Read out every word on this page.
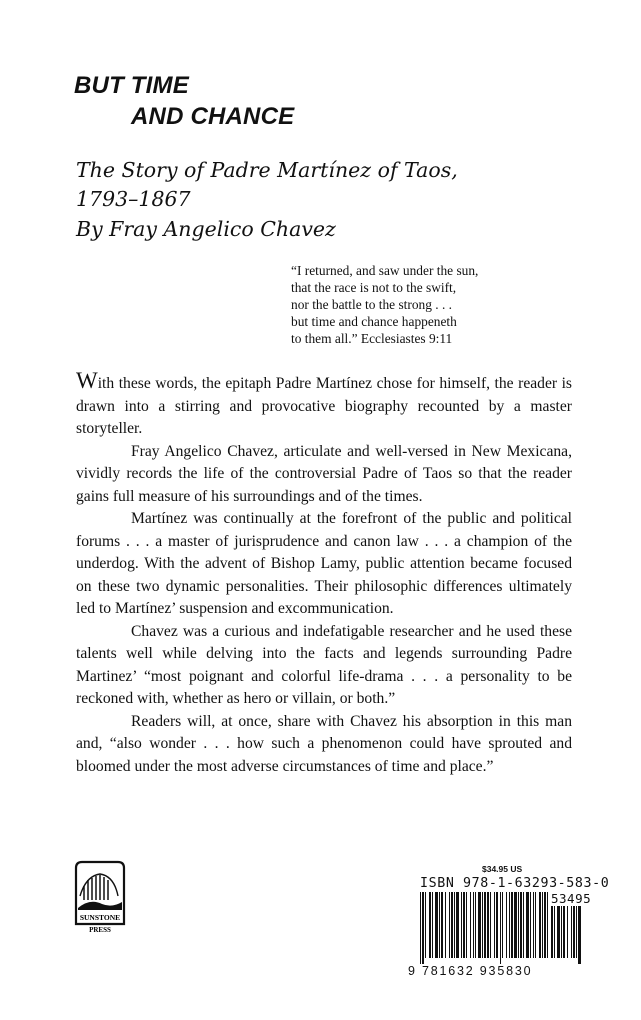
BUT TIME
AND CHANCE
The Story of Padre Martínez of Taos,
1793–1867
By Fray Angelico Chavez
“I returned, and saw under the sun,
that the race is not to the swift,
nor the battle to the strong . . .
but time and chance happeneth
to them all.” Ecclesiastes 9:11

With these words, the epitaph Padre Martínez chose for himself, the reader is drawn into a stirring and provocative biography recounted by a master storyteller.

Fray Angelico Chavez, articulate and well-versed in New Mexicana, vividly records the life of the controversial Padre of Taos so that the reader gains full measure of his surroundings and of the times.

Martínez was continually at the forefront of the public and political forums . . . a master of jurisprudence and canon law . . . a champion of the underdog. With the advent of Bishop Lamy, public attention became focused on these two dynamic personalities. Their philosophic differences ultimately led to Martínez’ suspension and excommunication.

Chavez was a curious and indefatigable researcher and he used these talents well while delving into the facts and legends surrounding Padre Martinez’ “most poignant and colorful life-drama . . . a personality to be reckoned with, whether as hero or villain, or both.”

Readers will, at once, share with Chavez his absorption in this man and, “also wonder . . . how such a phenomenon could have sprouted and bloomed under the most adverse circumstances of time and place.”

SUNSTONE
PRESS
$34.95 US
ISBN 978-1-63293-583-0
53495
9 781632 935830
